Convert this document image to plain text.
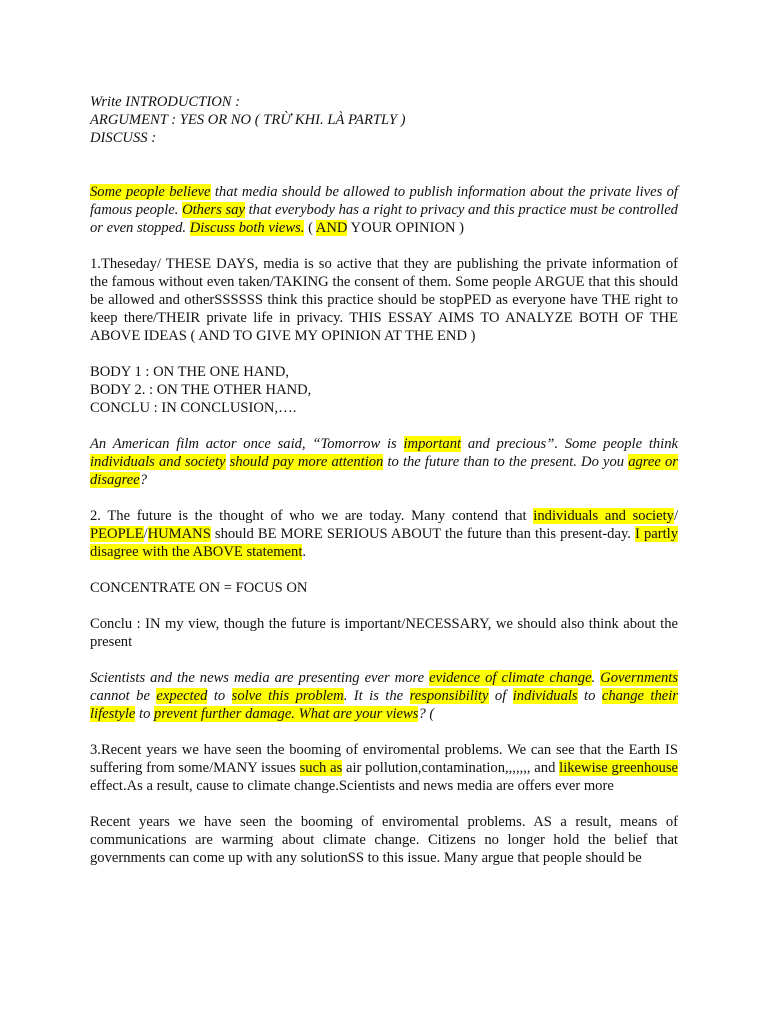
Write INTRODUCTION :

ARGUMENT : YES OR NO ( TRỪ KHI. LÀ PARTLY )

DISCUSS :

Some people believe that media should be allowed to publish information about the private lives of famous people. Others say that everybody has a right to privacy and this practice must be controlled or even stopped. Discuss both views. ( AND YOUR OPINION )

1.Theseday/ THESE DAYS, media is so active that they are publishing the private information of the famous without even taken/TAKING the consent of them. Some people ARGUE that this should be allowed and otherSSSSSS think this practice should be stopPED as everyone have THE right to keep there/THEIR private life in privacy. THIS ESSAY AIMS TO ANALYZE BOTH OF THE ABOVE IDEAS ( AND TO GIVE MY OPINION AT THE END )

BODY 1 : ON THE ONE HAND,

BODY 2. : ON THE OTHER HAND,

CONCLU : IN CONCLUSION,….

An American film actor once said, “Tomorrow is important and precious”. Some people think individuals and society should pay more attention to the future than to the present. Do you agree or disagree?

2. The future is the thought of who we are today. Many contend that individuals and society/ PEOPLE/HUMANS should BE MORE SERIOUS ABOUT the future than this present-day. I partly disagree with the ABOVE statement.

CONCENTRATE ON = FOCUS ON

Conclu : IN my view, though the future is important/NECESSARY, we should also think about the present

Scientists and the news media are presenting ever more evidence of climate change. Governments cannot be expected to solve this problem. It is the responsibility of individuals to change their lifestyle to prevent further damage. What are your views? (

3.Recent years we have seen the booming of enviromental problems. We can see that the Earth IS suffering from some/MANY issues such as air pollution,contamination,,,,,,, and likewise greenhouse effect.As a result, cause to climate change.Scientists and news media are offers ever more

Recent years we have seen the booming of enviromental problems. AS a result, means of communications are warming about climate change. Citizens no longer hold the belief that governments can come up with any solutionSS to this issue. Many argue that people should be
